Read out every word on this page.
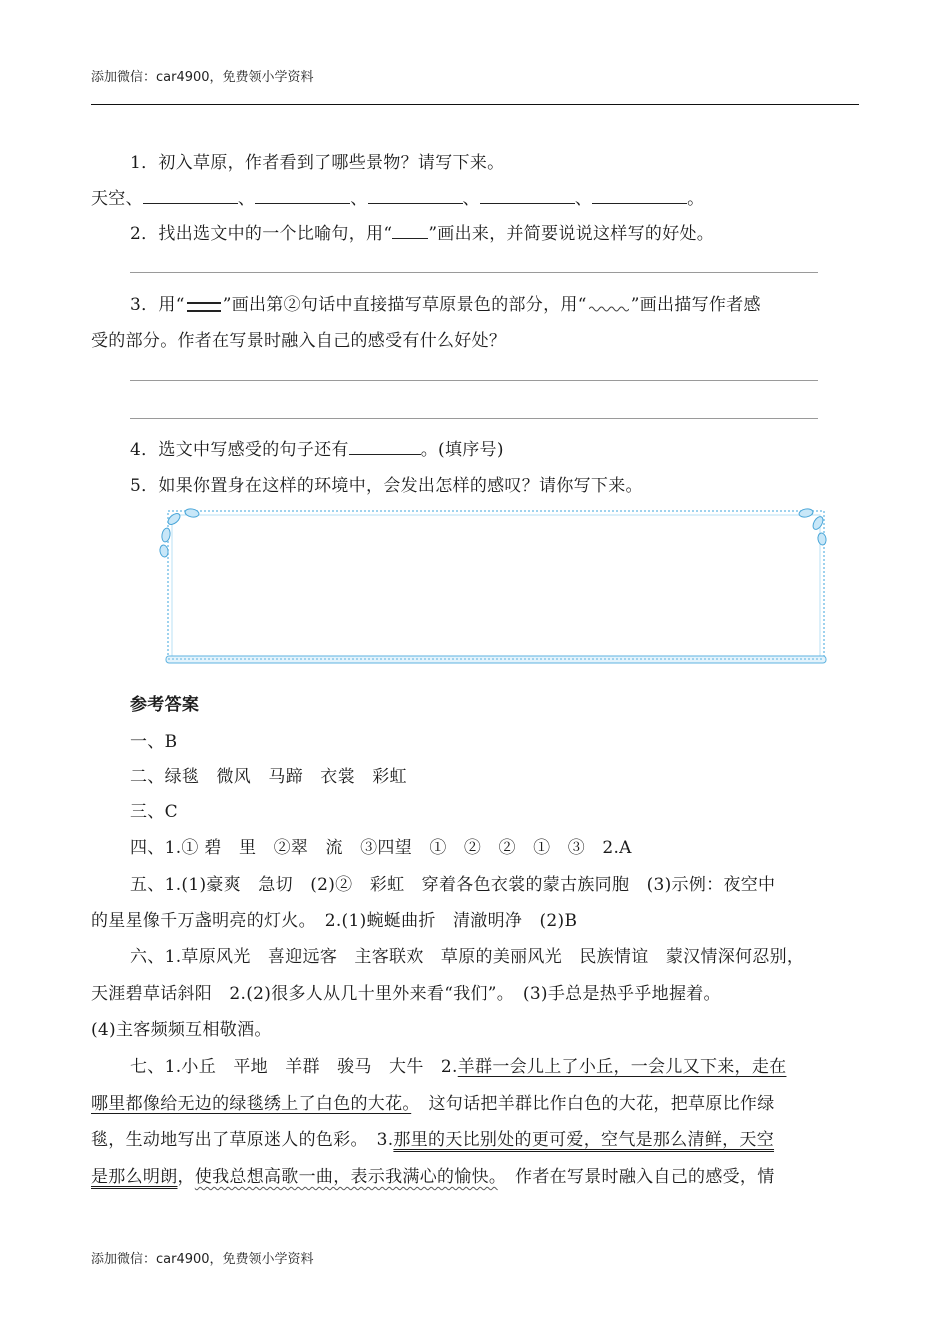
添加微信：car4900，免费领小学资料
1．初入草原，作者看到了哪些景物？请写下来。
天空、	、	、	、	、	。
2．找出选文中的一个比喻句，用“ ”画出来，并简要说说这样写的好处。
3．用“ ”画出第②句话中直接描写草原景色的部分，用“	”画出描写作者感
受的部分。作者在写景时融入自己的感受有什么好处？
4．选文中写感受的句子还有	。(填序号)
5．如果你置身在这样的环境中，会发出怎样的感叹？请你写下来。
参考答案
一、B
二、绿毯　微风　马蹄　衣裳　彩虹
三、C
四、1.① 碧　里　②翠　流　③四望　①　②　②　①　③　2.A
五、1.(1)豪爽　急切　(2)②　彩虹　穿着各色衣裳的蒙古族同胞　(3)示例：夜空中
的星星像千万盏明亮的灯火。　2.(1)蜿蜒曲折　清澈明净　(2)B
六、1.草原风光　喜迎远客　主客联欢　草原的美丽风光　民族情谊　蒙汉情深何忍别，
天涯碧草话斜阳　2.(2)很多人从几十里外来看“我们”。　(3)手总是热乎乎地握着。
(4)主客频频互相敬酒。
七、1.小丘　平地　羊群　骏马　大牛　2.羊群一会儿上了小丘，一会儿又下来，走在
哪里都像给无边的绿毯绣上了白色的大花。　这句话把羊群比作白色的大花，把草原比作绿
毯，生动地写出了草原迷人的色彩。　3.那里的天比别处的更可爱，空气是那么清鲜，天空
是那么明朗，使我总想高歌一曲，表示我满心的愉快。　作者在写景时融入自己的感受，情
添加微信：car4900，免费领小学资料
